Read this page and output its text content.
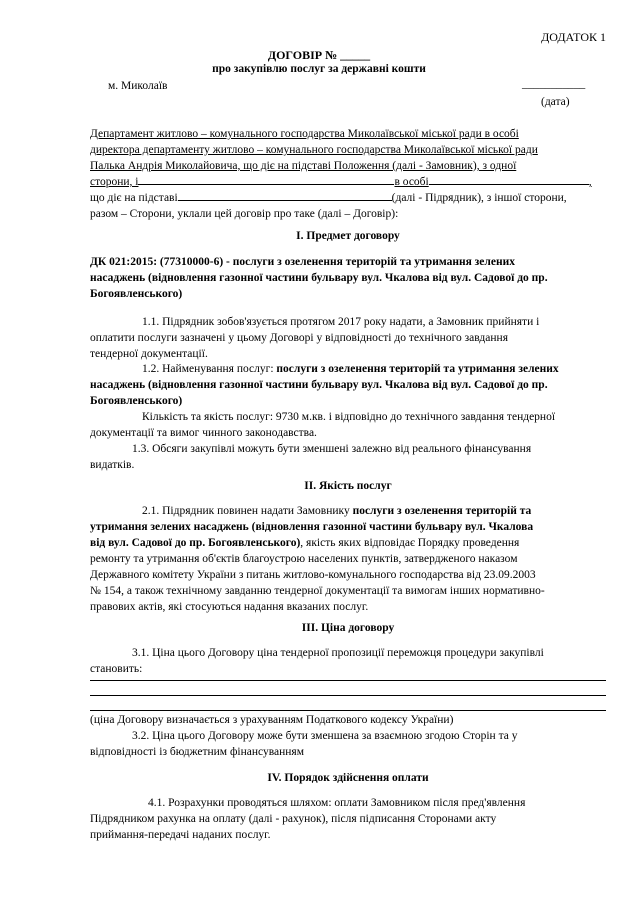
ДОДАТОК 1
ДОГОВІР № _____
про закупівлю послуг за державні кошти
м. Миколаїв	___________
(дата)
Департамент житлово – комунального господарства Миколаївської міської ради в особі
директора департаменту житлово – комунального господарства Миколаївської міської ради
Палька Андрія Миколайовича, що діє на підставі Положення (далі - Замовник), з одної
сторони, і	в особі	,
що діє на підставі	(далі - Підрядник), з іншої сторони,
разом – Сторони, уклали цей договір про таке (далі – Договір):
І. Предмет договору
ДК 021:2015: (77310000-6) - послуги з озеленення територій та утримання зелених
насаджень (відновлення газонної частини бульвару вул. Чкалова від вул. Садової до пр.
Богоявленського)
1.1. Підрядник зобов'язується протягом 2017 року надати, а Замовник прийняти і
оплатити послуги зазначені у цьому Договорі у відповідності до технічного завдання
тендерної документації.
1.2. Найменування послуг: послуги з озеленення територій та утримання зелених
насаджень (відновлення газонної частини бульвару вул. Чкалова від вул. Садової до пр.
Богоявленського)
Кількість та якість послуг: 9730 м.кв. і відповідно до технічного завдання тендерної
документації та вимог чинного законодавства.
1.3. Обсяги закупівлі можуть бути зменшені залежно від реального фінансування
видатків.
ІІ. Якість послуг
2.1. Підрядник повинен надати Замовнику послуги з озеленення територій та
утримання зелених насаджень (відновлення газонної частини бульвару вул. Чкалова
від вул. Садової до пр. Богоявленського), якість яких відповідає Порядку проведення
ремонту та утримання об'єктів благоустрою населених пунктів, затвердженого наказом
Державного комітету України з питань житлово-комунального господарства від 23.09.2003
№ 154, а також технічному завданню тендерної документації та вимогам інших нормативно-
правових актів, які стосуються надання вказаних послуг.
ІІІ. Ціна договору
3.1. Ціна цього Договору ціна тендерної пропозиції переможця процедури закупівлі
становить:
(ціна Договору визначається з урахуванням Податкового кодексу України)
3.2. Ціна цього Договору може бути зменшена за взаємною згодою Сторін та у
відповідності із бюджетним фінансуванням
IV. Порядок здійснення оплати
4.1. Розрахунки проводяться шляхом: оплати Замовником після пред'явлення
Підрядником рахунка на оплату (далі - рахунок), після підписання Сторонами акту
приймання-передачі наданих послуг.
